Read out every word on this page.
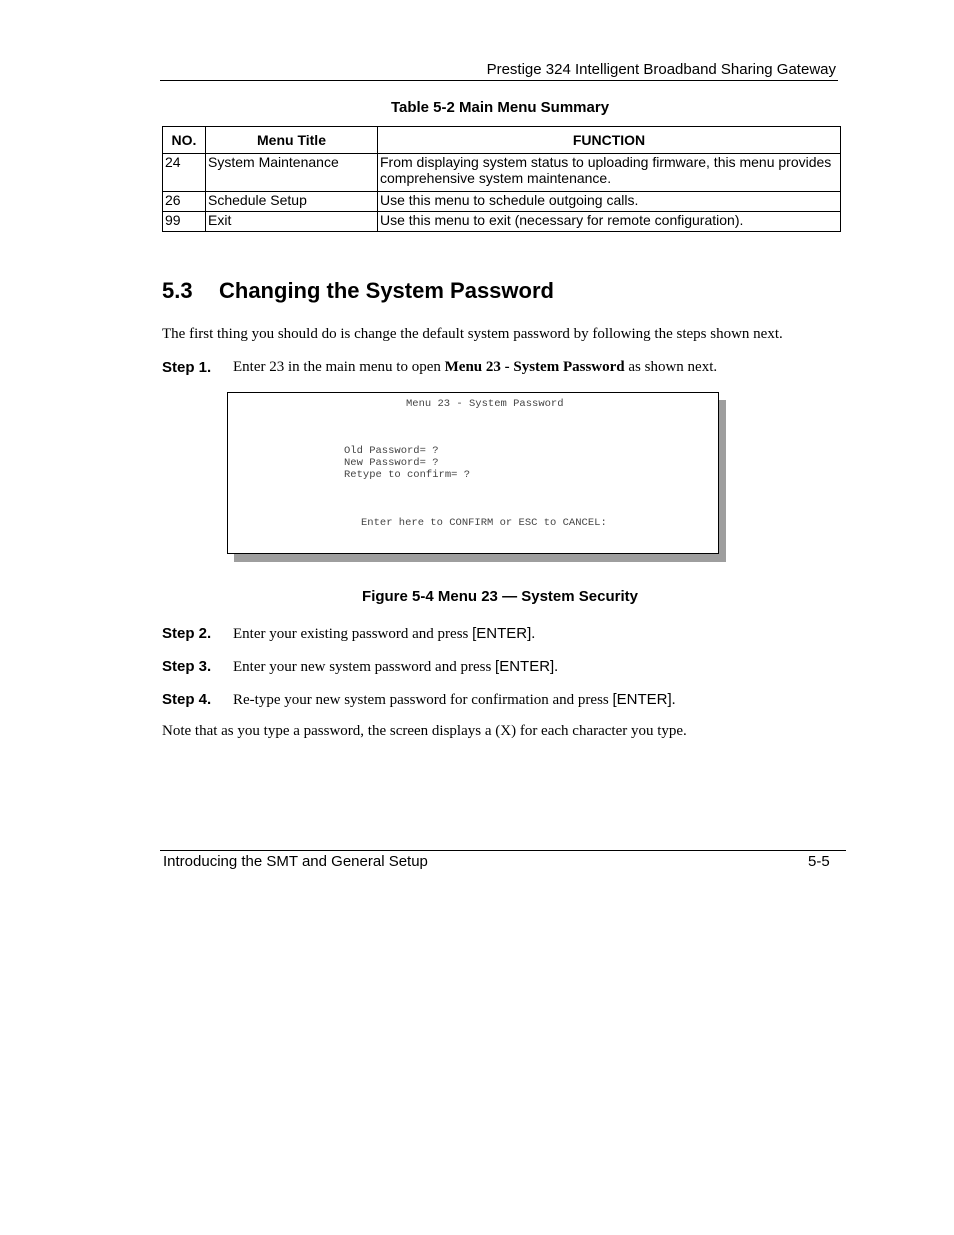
Prestige 324 Intelligent Broadband Sharing Gateway
Table 5-2 Main Menu Summary
NO.	Menu Title	FUNCTION
24	System Maintenance	From displaying system status to uploading firmware, this menu provides comprehensive system maintenance.
26	Schedule Setup	Use this menu to schedule outgoing calls.
99	Exit	Use this menu to exit (necessary for remote configuration).
5.3 Changing the System Password
The first thing you should do is change the default system password by following the steps shown next.
Step 1. Enter 23 in the main menu to open Menu 23 - System Password as shown next.
Menu 23 - System Password
Old Password= ?
New Password= ?
Retype to confirm= ?
Enter here to CONFIRM or ESC to CANCEL:
Figure 5-4 Menu 23 — System Security
Step 2. Enter your existing password and press [ENTER].
Step 3. Enter your new system password and press [ENTER].
Step 4. Re-type your new system password for confirmation and press [ENTER].
Note that as you type a password, the screen displays a (X) for each character you type.
Introducing the SMT and General Setup	5-5
